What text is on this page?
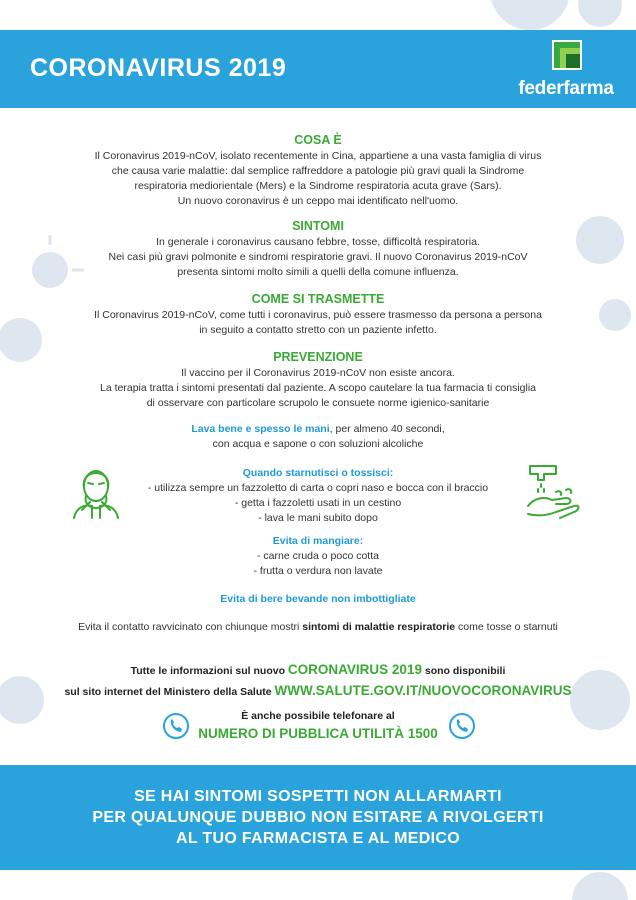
CORONAVIRUS 2019
federfarma

COSA È

Il Coronavirus 2019-nCoV, isolato recentemente in Cina, appartiene a una vasta famiglia di virus

che causa varie malattie: dal semplice raffreddore a patologie più gravi quali la Sindrome

respiratoria mediorientale (Mers) e la Sindrome respiratoria acuta grave (Sars).

Un nuovo coronavirus è un ceppo mai identificato nell'uomo.

SINTOMI

In generale i coronavirus causano febbre, tosse, difficoltà respiratoria.

Nei casi più gravi polmonite e sindromi respiratorie gravi. Il nuovo Coronavirus 2019-nCoV

presenta sintomi molto simili a quelli della comune influenza.

COME SI TRASMETTE

Il Coronavirus 2019-nCoV, come tutti i coronavirus, può essere trasmesso da persona a persona

in seguito a contatto stretto con un paziente infetto.

PREVENZIONE

Il vaccino per il Coronavirus 2019-nCoV non esiste ancora.

La terapia tratta i sintomi presentati dal paziente. A scopo cautelare la tua farmacia ti consiglia

di osservare con particolare scrupolo le consuete norme igienico-sanitarie

Lava bene e spesso le mani, per almeno 40 secondi,

con acqua e sapone o con soluzioni alcoliche

Quando starnutisci o tossisci:

- utilizza sempre un fazzoletto di carta o copri naso e bocca con il braccio

- getta i fazzoletti usati in un cestino

- lava le mani subito dopo

Evita di mangiare:

- carne cruda o poco cotta

- frutta o verdura non lavate

Evita di bere bevande non imbottigliate

Evita il contatto ravvicinato con chiunque mostri sintomi di malattie respiratorie come tosse o starnuti

Tutte le informazioni sul nuovo CORONAVIRUS 2019 sono disponibili

sul sito internet del Ministero della Salute WWW.SALUTE.GOV.IT/NUOVOCORONAVIRUS

È anche possibile telefonare al

NUMERO DI PUBBLICA UTILITÀ 1500

SE HAI SINTOMI SOSPETTI NON ALLARMARTI

PER QUALUNQUE DUBBIO NON ESITARE A RIVOLGERTI

AL TUO FARMACISTA E AL MEDICO
